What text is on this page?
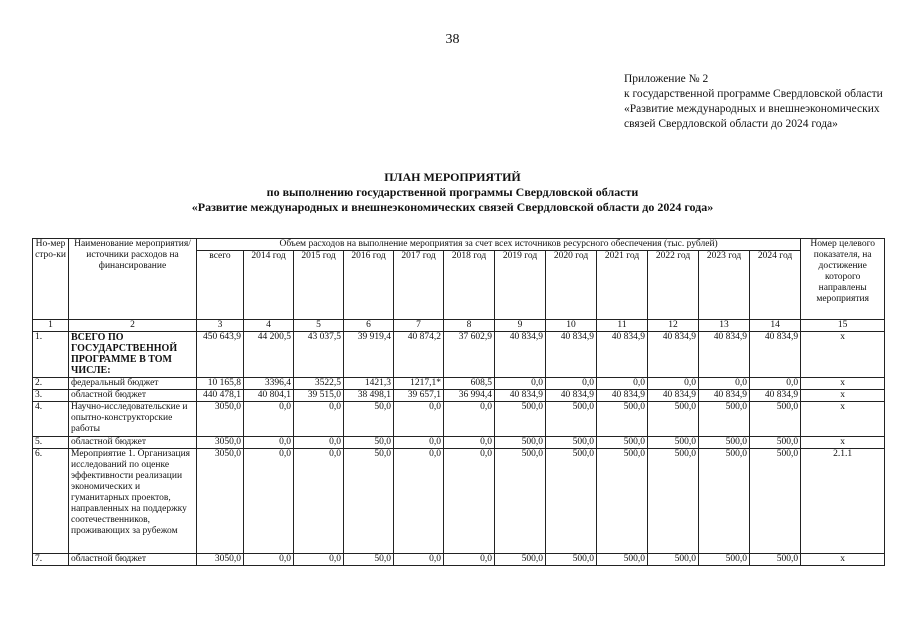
38
Приложение № 2
к государственной программе Свердловской области «Развитие международных и внешнеэкономических связей Свердловской области до 2024 года»
ПЛАН МЕРОПРИЯТИЙ
по выполнению государственной программы Свердловской области
«Развитие международных и внешнеэкономических связей Свердловской области до 2024 года»
Но-мер стро-ки	Наименование мероприятия/ источники расходов на финансирование	Объем расходов на выполнение мероприятия за счет всех источников ресурсного обеспечения (тыс. рублей)												Номер целевого показателя, на достижение которого направлены мероприятия
		всего	2014 год	2015 год	2016 год	2017 год	2018 год	2019 год	2020 год	2021 год	2022 год	2023 год	2024 год	
1	2	3	4	5	6	7	8	9	10	11	12	13	14	15
1.	ВСЕГО ПО ГОСУДАРСТВЕННОЙ ПРОГРАММЕ В ТОМ ЧИСЛЕ:	450 643,9	44 200,5	43 037,5	39 919,4	40 874,2	37 602,9	40 834,9	40 834,9	40 834,9	40 834,9	40 834,9	40 834,9	x
2.	федеральный бюджет	10 165,8	3396,4	3522,5	1421,3	1217,1*	608,5	0,0	0,0	0,0	0,0	0,0	0,0	x
3.	областной бюджет	440 478,1	40 804,1	39 515,0	38 498,1	39 657,1	36 994,4	40 834,9	40 834,9	40 834,9	40 834,9	40 834,9	40 834,9	x
4.	Научно-исследовательские и опытно-конструкторские работы	3050,0	0,0	0,0	50,0	0,0	0,0	500,0	500,0	500,0	500,0	500,0	500,0	x
5.	областной бюджет	3050,0	0,0	0,0	50,0	0,0	0,0	500,0	500,0	500,0	500,0	500,0	500,0	x
6.	Мероприятие 1. Организация исследований по оценке эффективности реализации экономических и гуманитарных проектов, направленных на поддержку соотечественников, проживающих за рубежом	3050,0	0,0	0,0	50,0	0,0	0,0	500,0	500,0	500,0	500,0	500,0	500,0	2.1.1
7.	областной бюджет	3050,0	0,0	0,0	50,0	0,0	0,0	500,0	500,0	500,0	500,0	500,0	500,0	x
